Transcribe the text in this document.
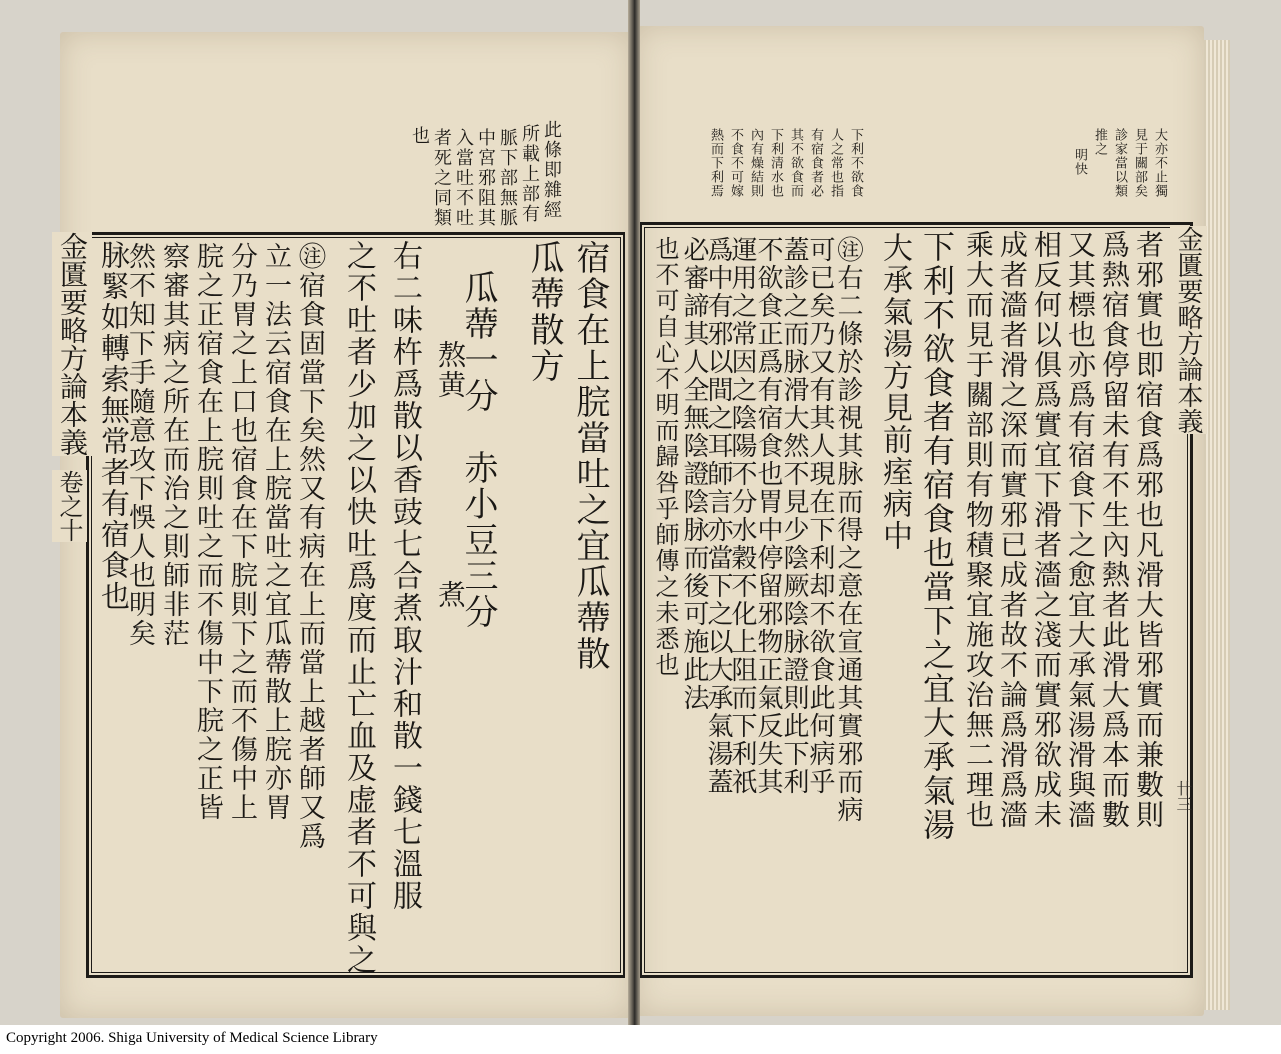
金匱要略方論本義
卷之十
此條即雜經
所載上部有
脈下部無脈
中宮邪阻其
入當吐不吐
者死之同類
也
宿食在上脘當吐之宜瓜蔕散
瓜蔕散方
瓜蔕一分
熬黄
赤小豆三分
煮
右二味杵爲散以香豉七合煮取汁和散一錢七溫服
之不吐者少加之以快吐爲度而止亡血及虚者不可與之
㊟宿食固當下矣然又有病在上而當上越者師又爲
立一法云宿食在上脘當吐之宜瓜蔕散上脘亦胃
分乃胃之上口也宿食在下脘則下之而不傷中上
脘之正宿食在上脘則吐之而不傷中下脘之正皆
察審其病之所在而治之則師非茫
然不知下手隨意攻下悞人也明矣
脉緊如轉索無常者有宿食也	金匱要略方論本義
卄三
大亦不止獨
見于關部矣
診家當以類
推之
明快
下利不欲食
人之常也指
有宿食者必
其不欲食而
下利清水也
內有燥結則
不食不可嫁
熱而下利焉
者邪實也即宿食爲邪也凡滑大皆邪實而兼數則
爲熱宿食停留未有不生內熱者此滑大爲本而數
又其標也亦爲有宿食下之愈宜大承氣湯滑與濇
相反何以俱爲實宜下滑者濇之淺而實邪欲成未
成者濇者滑之深而實邪已成者故不論爲滑爲濇
乘大而見于關部則有物積聚宜施攻治無二理也
下利不欲食者有宿食也當下之宜大承氣湯
大承氣湯方見前痓病中
㊟右二條於診視其脉而得之意在宣通其實邪而病
可已矣乃又有其人現在下利却不欲食此何病乎
蓋診之而脉滑大然不見少陰厥陰脉證則此下利
不欲食正爲有宿食也胃中停留邪物正氣反失其
運用之常因之陰陽不分水穀不化上阻而下利祇
爲中有邪以間之耳師言亦當下之以大承氣湯蓋
必審諦其人全無陰證陰脉而後可施此法
也不可自心不明而歸咎乎師傳之未悉也
Copyright 2006. Shiga University of Medical Science Library
